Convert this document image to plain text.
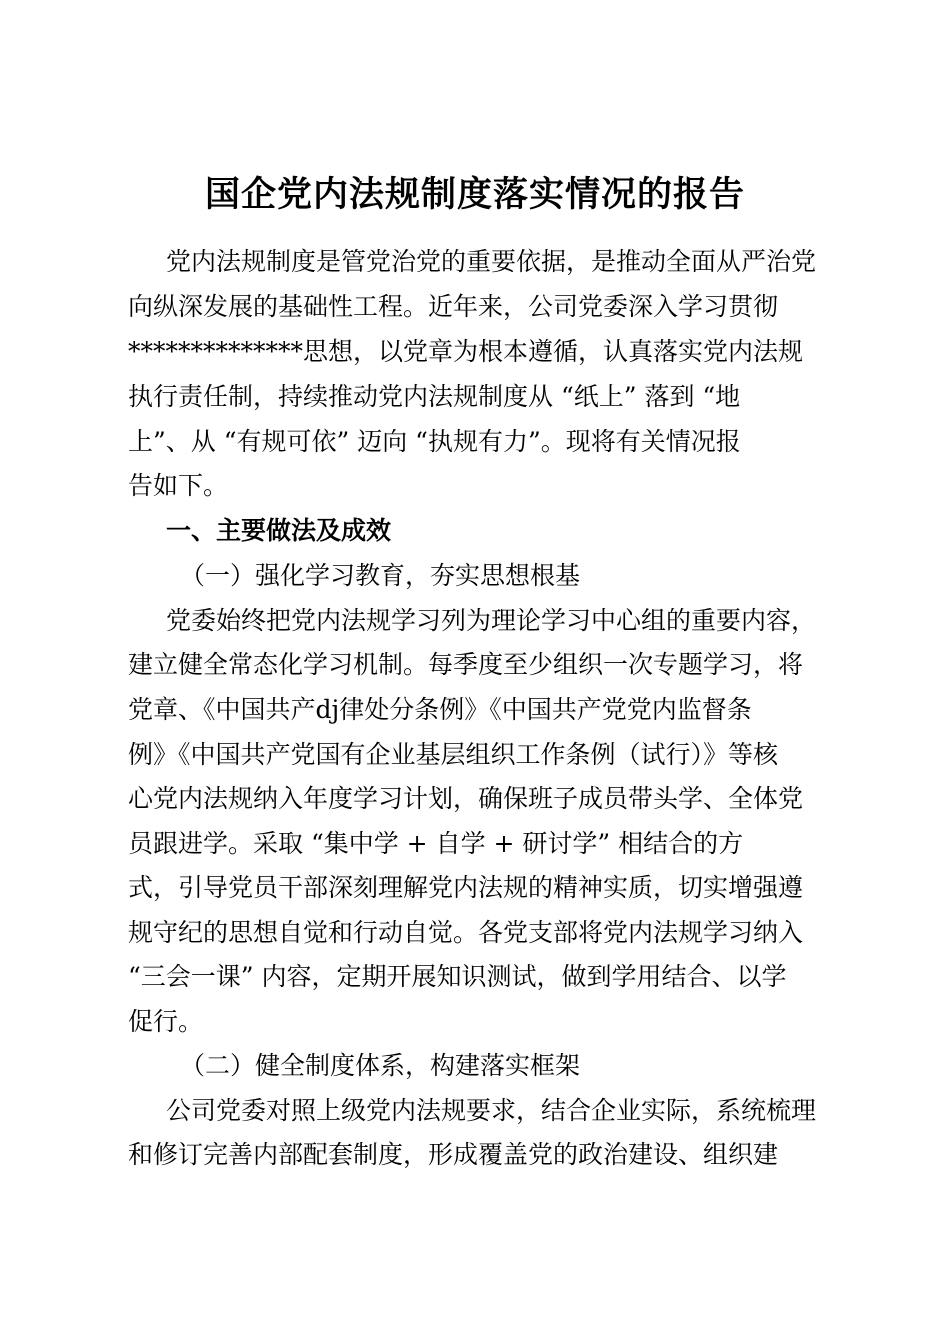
国企党内法规制度落实情况的报告
党内法规制度是管党治党的重要依据，是推动全面从严治党
向纵深发展的基础性工程。近年来，公司党委深入学习贯彻
**************思想，以党章为根本遵循，认真落实党内法规
执行责任制，持续推动党内法规制度从 “纸上” 落到 “地
上”、从 “有规可依” 迈向 “执规有力”。现将有关情况报
告如下。
一、主要做法及成效
（一）强化学习教育，夯实思想根基
党委始终把党内法规学习列为理论学习中心组的重要内容，
建立健全常态化学习机制。每季度至少组织一次专题学习，将
党章、《中国共产dj律处分条例》《中国共产党党内监督条
例》《中国共产党国有企业基层组织工作条例（试行）》等核
心党内法规纳入年度学习计划，确保班子成员带头学、全体党
员跟进学。采取 “集中学 + 自学 + 研讨学” 相结合的方
式，引导党员干部深刻理解党内法规的精神实质，切实增强遵
规守纪的思想自觉和行动自觉。各党支部将党内法规学习纳入
“三会一课” 内容，定期开展知识测试，做到学用结合、以学
促行。
（二）健全制度体系，构建落实框架
公司党委对照上级党内法规要求，结合企业实际，系统梳理
和修订完善内部配套制度，形成覆盖党的政治建设、组织建
